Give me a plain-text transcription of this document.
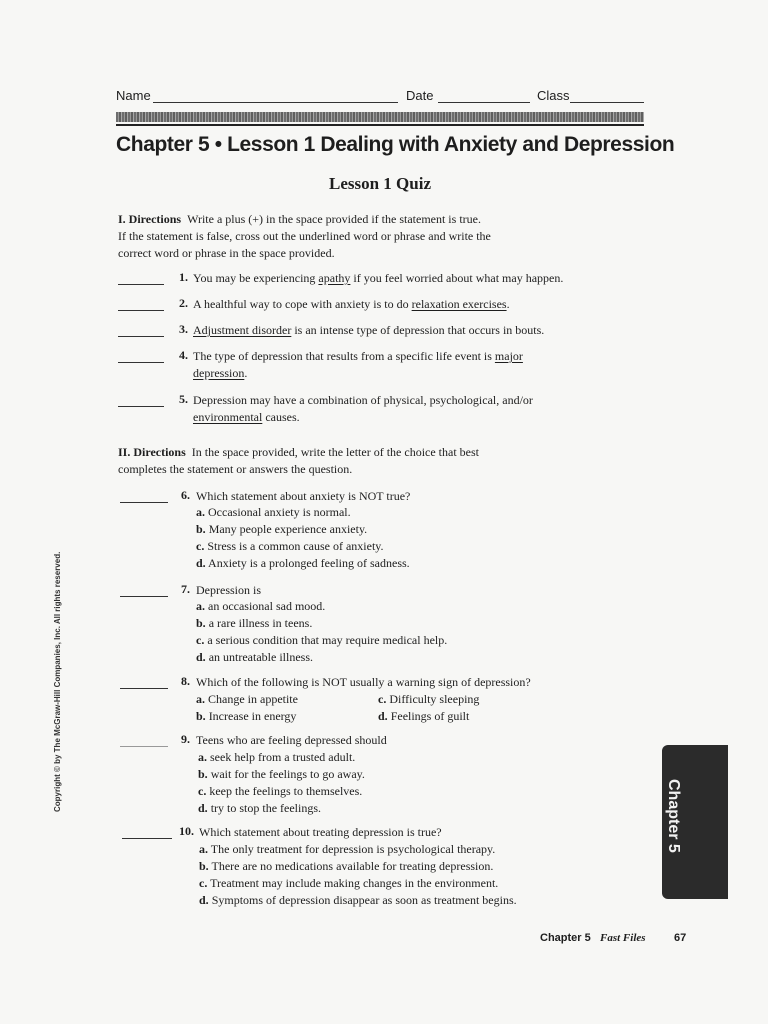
Name	Date	Class
Chapter 5 • Lesson 1 Dealing with Anxiety and Depression
Lesson 1 Quiz
I. Directions Write a plus (+) in the space provided if the statement is true.
If the statement is false, cross out the underlined word or phrase and write the
correct word or phrase in the space provided.
1. You may be experiencing apathy if you feel worried about what may happen.
2. A healthful way to cope with anxiety is to do relaxation exercises.
3. Adjustment disorder is an intense type of depression that occurs in bouts.
4. The type of depression that results from a specific life event is major
depression.
5. Depression may have a combination of physical, psychological, and/or
environmental causes.
II. Directions In the space provided, write the letter of the choice that best
completes the statement or answers the question.
6. Which statement about anxiety is NOT true?
a. Occasional anxiety is normal.
b. Many people experience anxiety.
c. Stress is a common cause of anxiety.
d. Anxiety is a prolonged feeling of sadness.
7. Depression is
a. an occasional sad mood.
b. a rare illness in teens.
c. a serious condition that may require medical help.
d. an untreatable illness.
8. Which of the following is NOT usually a warning sign of depression?
a. Change in appetite
b. Increase in energy
c. Difficulty sleeping
d. Feelings of guilt
9. Teens who are feeling depressed should
a. seek help from a trusted adult.
b. wait for the feelings to go away.
c. keep the feelings to themselves.
d. try to stop the feelings.
10. Which statement about treating depression is true?
a. The only treatment for depression is psychological therapy.
b. There are no medications available for treating depression.
c. Treatment may include making changes in the environment.
d. Symptoms of depression disappear as soon as treatment begins.
Copyright © by The McGraw-Hill Companies, Inc. All rights reserved.
Chapter 5
Chapter 5 Fast Files	67
